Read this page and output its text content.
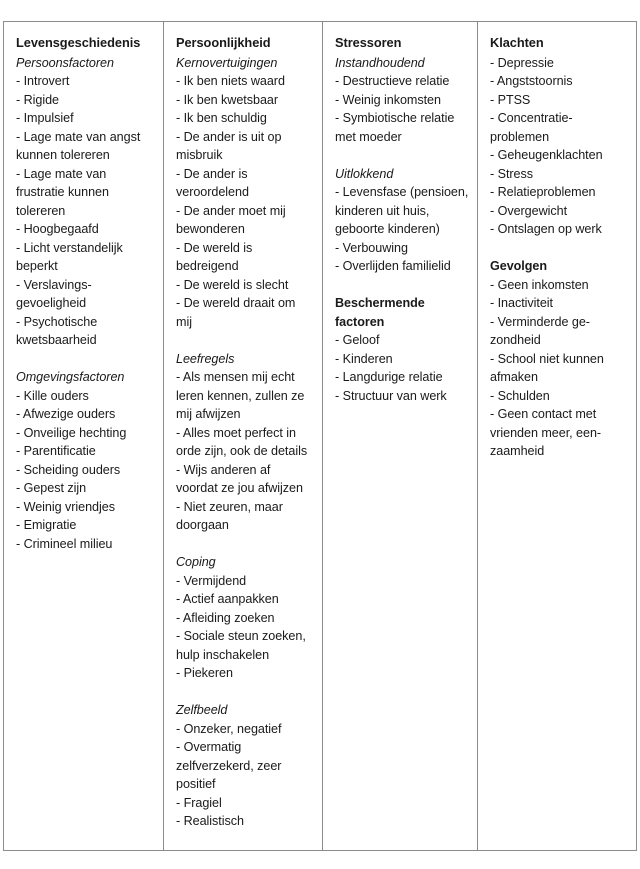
Levensgeschiedenis
Persoonsfactoren
- Introvert
- Rigide
- Impulsief
- Lage mate van angst kunnen tolereren
- Lage mate van frustratie kunnen tolereren
- Hoogbegaafd
- Licht verstandelijk beperkt
- Verslavings-gevoeligheid
- Psychotische kwetsbaarheid
Omgevingsfactoren
- Kille ouders
- Afwezige ouders
- Onveilige hechting
- Parentificatie
- Scheiding ouders
- Gepest zijn
- Weinig vriendjes
- Emigratie
- Crimineel milieu
Persoonlijkheid
Kernovertuigingen
- Ik ben niets waard
- Ik ben kwetsbaar
- Ik ben schuldig
- De ander is uit op misbruik
- De ander is veroordelend
- De ander moet mij bewonderen
- De wereld is bedreigend
- De wereld is slecht
- De wereld draait om mij
Leefregels
- Als mensen mij echt leren kennen, zullen ze mij afwijzen
- Alles moet perfect in orde zijn, ook de details
- Wijs anderen af voordat ze jou afwijzen
- Niet zeuren, maar doorgaan
Coping
- Vermijdend
- Actief aanpakken
- Afleiding zoeken
- Sociale steun zoeken, hulp inschakelen
- Piekeren
Zelfbeeld
- Onzeker, negatief
- Overmatig zelfverzekerd, zeer positief
- Fragiel
- Realistisch
Stressoren
Instandhoudend
- Destructieve relatie
- Weinig inkomsten
- Symbiotische relatie met moeder
Uitlokkend
- Levensfase (pensioen, kinderen uit huis, geboorte kinderen)
- Verbouwing
- Overlijden familielid
Beschermende factoren
- Geloof
- Kinderen
- Langdurige relatie
- Structuur van werk
Klachten
- Depressie
- Angststoornis
- PTSS
- Concentratie-problemen
- Geheugenklachten
- Stress
- Relatieproblemen
- Overgewicht
- Ontslagen op werk
Gevolgen
- Geen inkomsten
- Inactiviteit
- Verminderde ge-zondheid
- School niet kunnen afmaken
- Schulden
- Geen contact met vrienden meer, een-zaamheid
